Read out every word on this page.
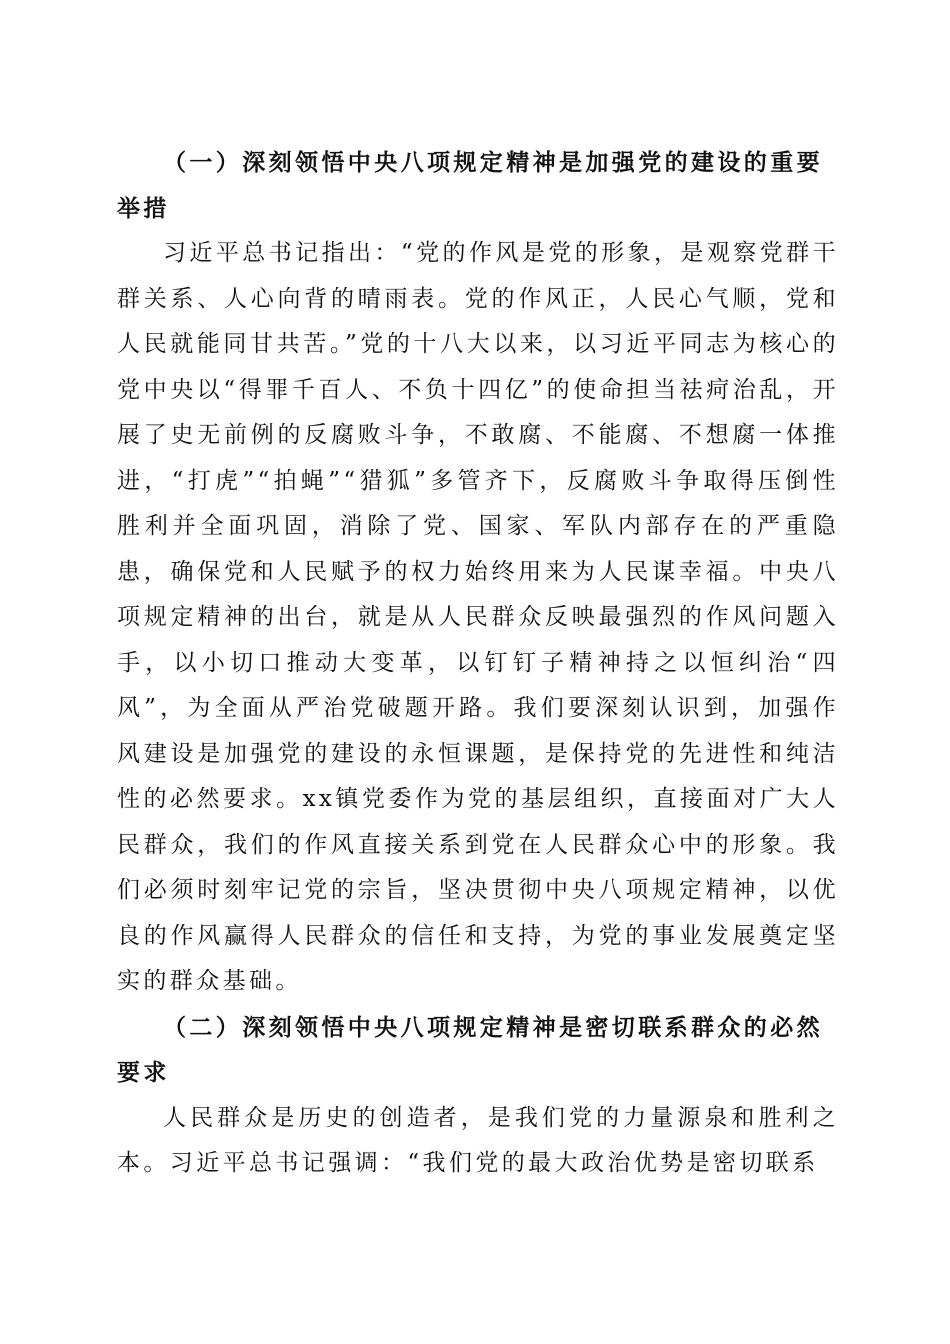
（一）深刻领悟中央八项规定精神是加强党的建设的重要举措

习近平总书记指出：“党的作风是党的形象，是观察党群干群关系、人心向背的晴雨表。党的作风正，人民心气顺，党和人民就能同甘共苦。”党的十八大以来，以习近平同志为核心的党中央以“得罪千百人、不负十四亿”的使命担当祛疴治乱，开展了史无前例的反腐败斗争，不敢腐、不能腐、不想腐一体推进，“打虎”“拍蝇”“猎狐”多管齐下，反腐败斗争取得压倒性胜利并全面巩固，消除了党、国家、军队内部存在的严重隐患，确保党和人民赋予的权力始终用来为人民谋幸福。中央八项规定精神的出台，就是从人民群众反映最强烈的作风问题入手，以小切口推动大变革，以钉钉子精神持之以恒纠治“四风”，为全面从严治党破题开路。我们要深刻认识到，加强作风建设是加强党的建设的永恒课题，是保持党的先进性和纯洁性的必然要求。xx镇党委作为党的基层组织，直接面对广大人民群众，我们的作风直接关系到党在人民群众心中的形象。我们必须时刻牢记党的宗旨，坚决贯彻中央八项规定精神，以优良的作风赢得人民群众的信任和支持，为党的事业发展奠定坚实的群众基础。

（二）深刻领悟中央八项规定精神是密切联系群众的必然要求

人民群众是历史的创造者，是我们党的力量源泉和胜利之本。习近平总书记强调：“我们党的最大政治优势是密切联系
